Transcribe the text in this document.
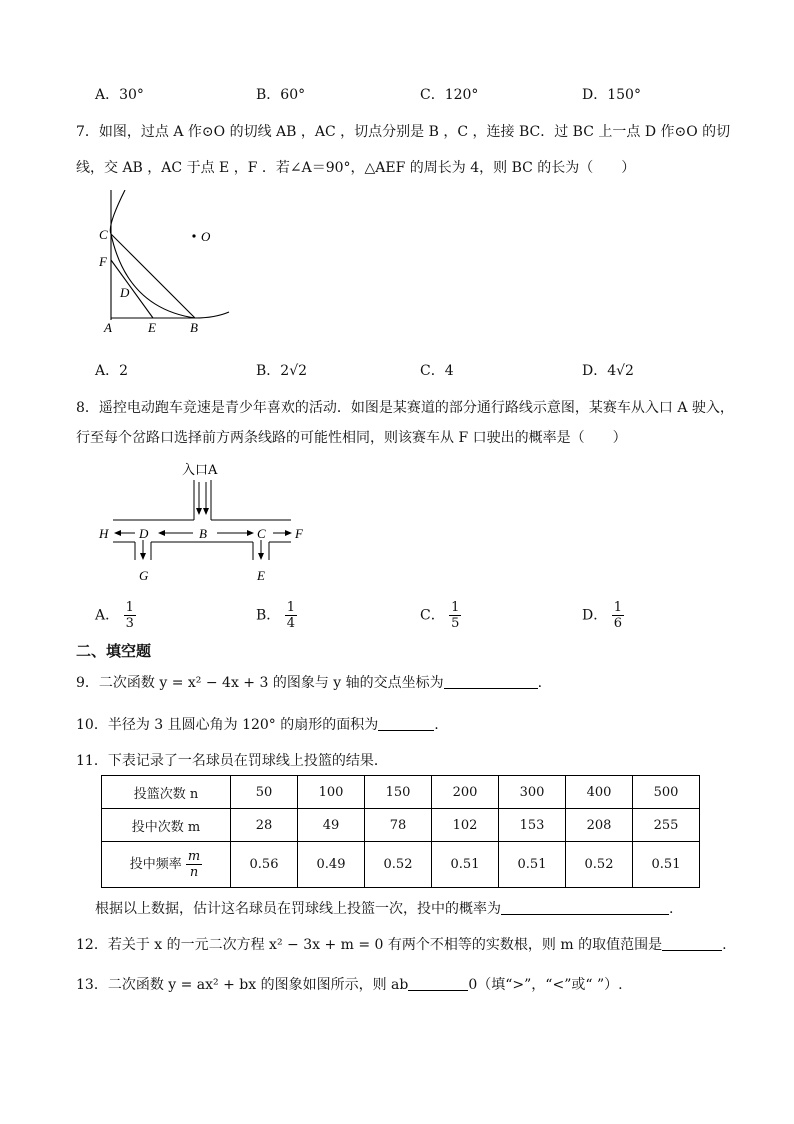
A．30°	B．60°	C．120°	D．150°
7．如图，过点 A 作⊙O 的切线 AB ，AC ，切点分别是 B ，C ，连接 BC．过 BC 上一点 D 作⊙O 的切
线，交 AB ，AC 于点 E ，F ．若∠A＝90°，△AEF 的周长为 4，则 BC 的长为（　　）
C	O
F
D
A	E	B
A．2	B．2√2	C．4	D．4√2
8．遥控电动跑车竞速是青少年喜欢的活动．如图是某赛道的部分通行路线示意图，某赛车从入口 A 驶入，
行至每个岔路口选择前方两条线路的可能性相同，则该赛车从 F 口驶出的概率是（　　）
入口A
H D	B	C F
G	E
A． $\frac{1}{3}$	B． $\frac{1}{4}$	C． $\frac{1}{5}$	D． $\frac{1}{6}$
二、填空题
9．二次函数 y = x² − 4x + 3 的图象与 y 轴的交点坐标为	.
10．半径为 3 且圆心角为 120° 的扇形的面积为	.
11．下表记录了一名球员在罚球线上投篮的结果．
投篮次数 n	50	100	150	200	300	400	500
投中次数 m	28	49	78	102	153	208	255
投中频率 $\frac{m}{n}$	0.56	0.49	0.52	0.51	0.51	0.52	0.51
根据以上数据，估计这名球员在罚球线上投篮一次，投中的概率为	.
12．若关于 x 的一元二次方程 x² − 3x + m = 0 有两个不相等的实数根，则 m 的取值范围是	.
13．二次函数 y = ax² + bx 的图象如图所示，则 ab	0（填“>”，“<”或“ ”）.
